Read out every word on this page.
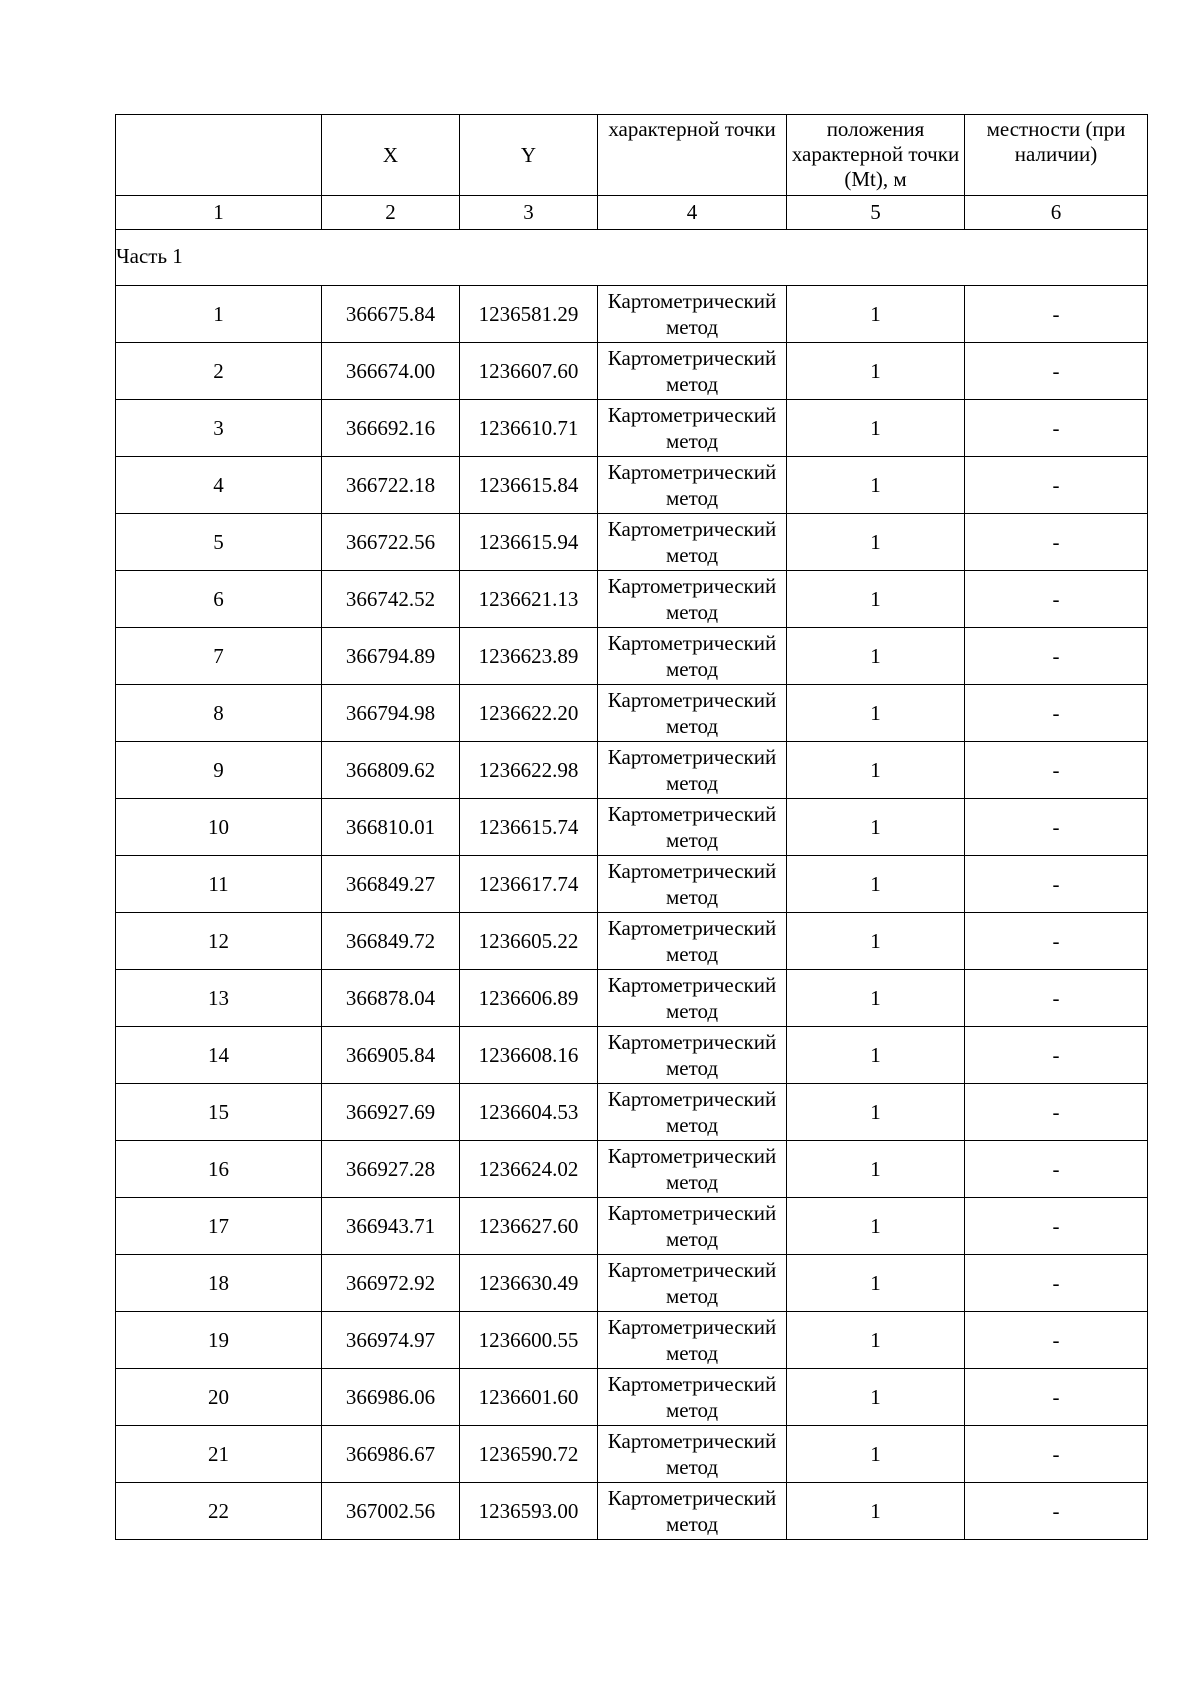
	X	Y	характерной точки	положения характерной точки (Mt), м	местности (при наличии)

1	2	3	4	5	6
Часть 1					
1	366675.84	1236581.29	Картометрический метод	1	-
2	366674.00	1236607.60	Картометрический метод	1	-
3	366692.16	1236610.71	Картометрический метод	1	-
4	366722.18	1236615.84	Картометрический метод	1	-
5	366722.56	1236615.94	Картометрический метод	1	-
6	366742.52	1236621.13	Картометрический метод	1	-
7	366794.89	1236623.89	Картометрический метод	1	-
8	366794.98	1236622.20	Картометрический метод	1	-
9	366809.62	1236622.98	Картометрический метод	1	-
10	366810.01	1236615.74	Картометрический метод	1	-
11	366849.27	1236617.74	Картометрический метод	1	-
12	366849.72	1236605.22	Картометрический метод	1	-
13	366878.04	1236606.89	Картометрический метод	1	-
14	366905.84	1236608.16	Картометрический метод	1	-
15	366927.69	1236604.53	Картометрический метод	1	-
16	366927.28	1236624.02	Картометрический метод	1	-
17	366943.71	1236627.60	Картометрический метод	1	-
18	366972.92	1236630.49	Картометрический метод	1	-
19	366974.97	1236600.55	Картометрический метод	1	-
20	366986.06	1236601.60	Картометрический метод	1	-
21	366986.67	1236590.72	Картометрический метод	1	-
22	367002.56	1236593.00	Картометрический метод	1	-
